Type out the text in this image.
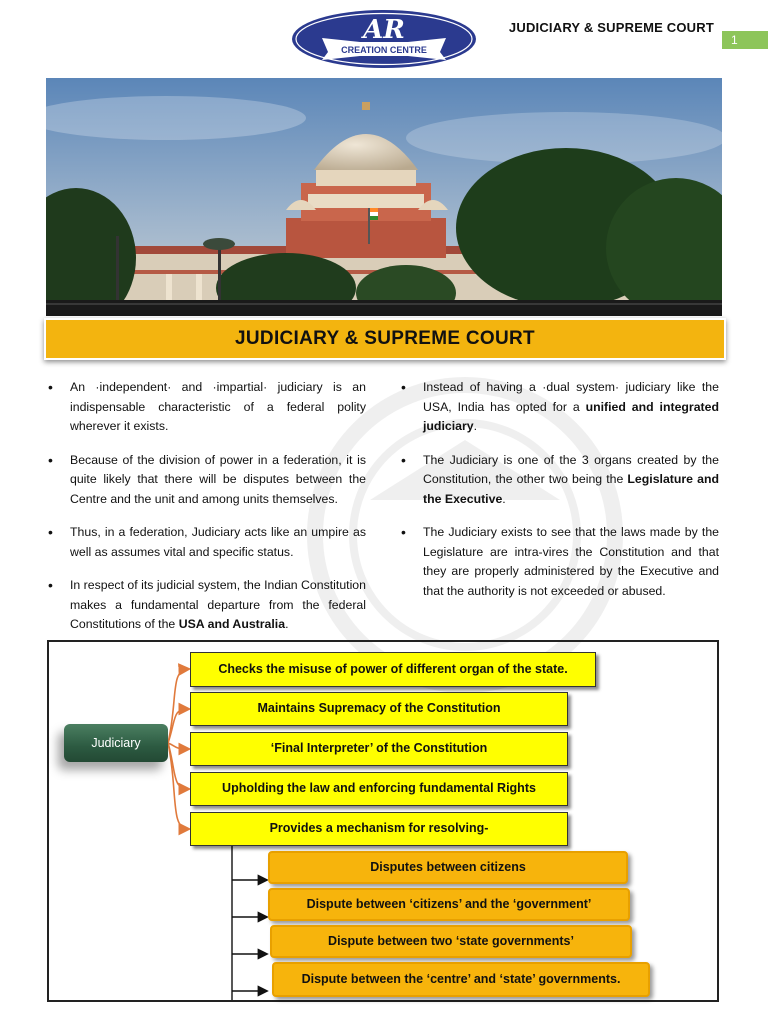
AR
CREATION CENTRE
JUDICIARY & SUPREME COURT
1
JUDICIARY & SUPREME COURT
• An ·independent· and ·impartial· judiciary is an indispensable characteristic of a federal polity wherever it exists.
• Because of the division of power in a federation, it is quite likely that there will be disputes between the Centre and the unit and among units themselves.
• Thus, in a federation, Judiciary acts like an umpire as well as assumes vital and specific status.
• In respect of its judicial system, the Indian Constitution makes a fundamental departure from the federal Constitutions of the USA and Australia.
• Instead of having a ·dual system· judiciary like the USA, India has opted for a unified and integrated judiciary.
• The Judiciary is one of the 3 organs created by the Constitution, the other two being the Legislature and the Executive.
• The Judiciary exists to see that the laws made by the Legislature are intra-vires the Constitution and that they are properly administered by the Executive and that the authority is not exceeded or abused.
Judiciary
Checks the misuse of power of different organ of the state.
Maintains Supremacy of the Constitution
‘Final Interpreter’ of the Constitution
Upholding the law and enforcing fundamental Rights
Provides a mechanism for resolving-
Disputes between citizens
Dispute between ‘citizens’ and the ‘government’
Dispute between two ‘state governments’
Dispute between the ‘centre’ and ‘state’ governments.
